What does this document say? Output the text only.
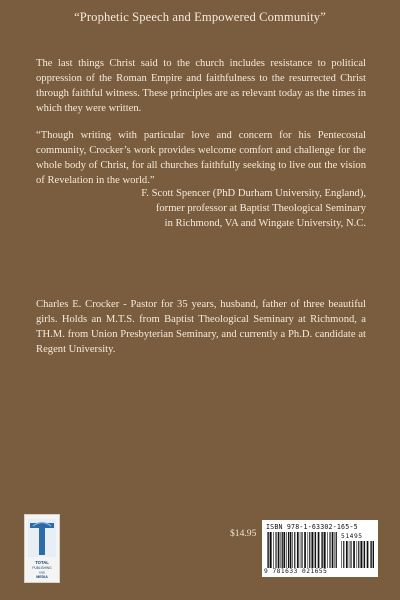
“Prophetic Speech and Empowered Community”
The last things Christ said to the church includes resistance to political oppression of the Roman Empire and faithfulness to the resurrected Christ through faithful witness. These principles are as relevant today as the times in which they were written.
“Though writing with particular love and concern for his Pentecostal community, Crocker’s work provides welcome comfort and challenge for the whole body of Christ, for all churches faithfully seeking to live out the vision of Revelation in the world.”
F. Scott Spencer (PhD Durham University, England),
former professor at Baptist Theological Seminary
in Richmond, VA and Wingate University, N.C.
Charles E. Crocker - Pastor for 35 years, husband, father of three beautiful girls. Holds an M.T.S. from Baptist Theological Seminary at Richmond, a TH.M. from Union Presbyterian Seminary, and currently a Ph.D. candidate at Regent University.
TOTAL
PUBLISHING
AND
MEDIA
$14.95
ISBN 978-1-63302-165-5
51495
9 781633 021655
